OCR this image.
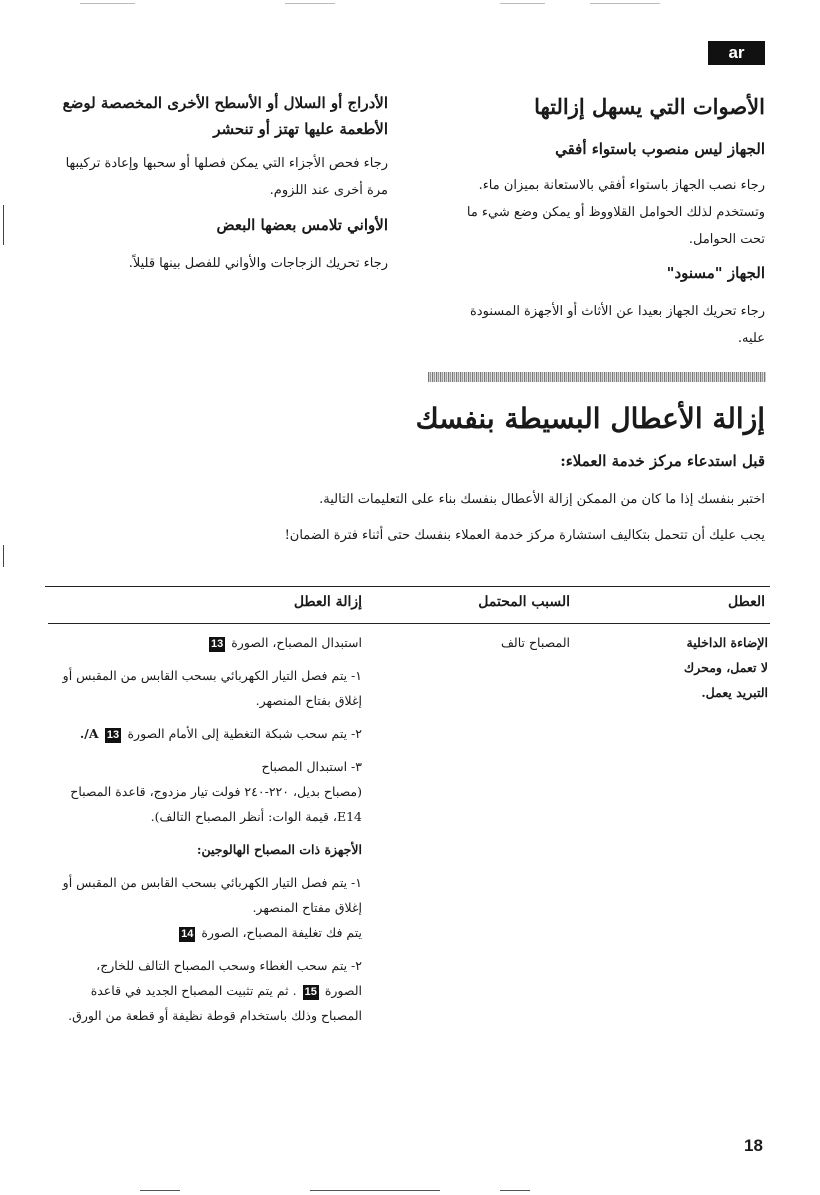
ar
الأصوات التي يسهل إزالتها
الجهاز ليس منصوب باستواء أفقي
رجاء نصب الجهاز باستواء أفقي بالاستعانة بميزان ماء. وتستخدم لذلك الحوامل القلاووظ أو يمكن وضع شيء ما تحت الحوامل.
الجهاز "مسنود"
رجاء تحريك الجهاز بعيدا عن الأثاث أو الأجهزة المسنودة عليه.
الأدراج أو السلال أو الأسطح الأخرى المخصصة لوضع الأطعمة عليها تهتز أو تنحشر
رجاء فحص الأجزاء التي يمكن فصلها أو سحبها وإعادة تركيبها مرة أخرى عند اللزوم.
الأواني تلامس بعضها البعض
رجاء تحريك الزجاجات والأواني للفصل بينها قليلاً.
إزالة الأعطال البسيطة بنفسك
قبل استدعاء مركز خدمة العملاء:
اختبر بنفسك إذا ما كان من الممكن إزالة الأعطال بنفسك بناء على التعليمات التالية.
يجب عليك أن تتحمل بتكاليف استشارة مركز خدمة العملاء بنفسك حتى أثناء فترة الضمان!
العطل
السبب المحتمل
إزالة العطل
الإضاءة الداخلية لا تعمل، ومحرك التبريد يعمل.
المصباح تالف
استبدال المصباح، الصورة 13
١- يتم فصل التيار الكهربائي بسحب القابس من المقبس أو إغلاق بفتاح المنصهر.
٢- يتم سحب شبكة التغطية إلى الأمام الصورة 13 A/.
٣- استبدال المصباح
(مصباح بديل، ٢٢٠-٢٤٠ فولت تيار مزدوج، قاعدة المصباح E14، قيمة الوات: أنظر المصباح التالف).
الأجهزة ذات المصباح الهالوجين:
١- يتم فصل التيار الكهربائي بسحب القابس من المقبس أو إغلاق مفتاح المنصهر.
يتم فك تغليفة المصباح، الصورة 14
٢- يتم سحب الغطاء وسحب المصباح التالف للخارج، الصورة 15 . ثم يتم تثبيت المصباح الجديد في قاعدة المصباح وذلك باستخدام قوطة نظيفة أو قطعة من الورق.
18
